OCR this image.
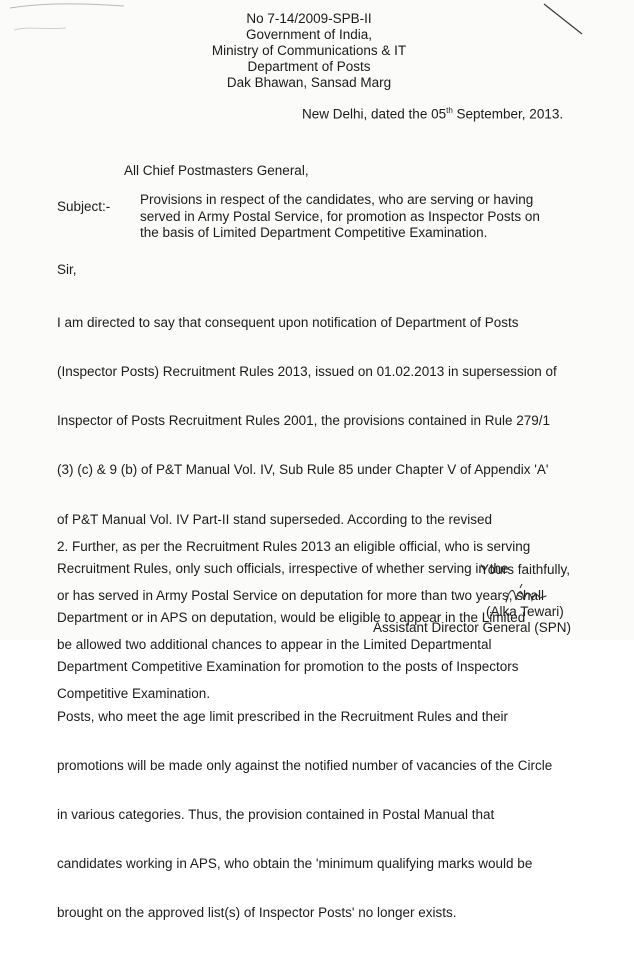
No 7-14/2009-SPB-II
Government of India,
Ministry of Communications & IT
Department of Posts
Dak Bhawan, Sansad Marg
New Delhi, dated the 05th September, 2013.
All Chief Postmasters General,
Subject:- Provisions in respect of the candidates, who are serving or having
served in Army Postal Service, for promotion as Inspector Posts on
the basis of Limited Department Competitive Examination.
Sir,

I am directed to say that consequent upon notification of Department of Posts

(Inspector Posts) Recruitment Rules 2013, issued on 01.02.2013 in supersession of

Inspector of Posts Recruitment Rules 2001, the provisions contained in Rule 279/1

(3) (c) & 9 (b) of P&T Manual Vol. IV, Sub Rule 85 under Chapter V of Appendix 'A'

of P&T Manual Vol. IV Part-II stand superseded. According to the revised

Recruitment Rules, only such officials, irrespective of whether serving in the

Department or in APS on deputation, would be eligible to appear in the Limited

Department Competitive Examination for promotion to the posts of Inspectors

Posts, who meet the age limit prescribed in the Recruitment Rules and their

promotions will be made only against the notified number of vacancies of the Circle

in various categories. Thus, the provision contained in Postal Manual that

candidates working in APS, who obtain the 'minimum qualifying marks would be

brought on the approved list(s) of Inspector Posts' no longer exists.

2. Further, as per the Recruitment Rules 2013 an eligible official, who is serving

or has served in Army Postal Service on deputation for more than two years, shall

be allowed two additional chances to appear in the Limited Departmental

Competitive Examination.

Yours faithfully,
(Alka Tewari)
Assistant Director General (SPN)
